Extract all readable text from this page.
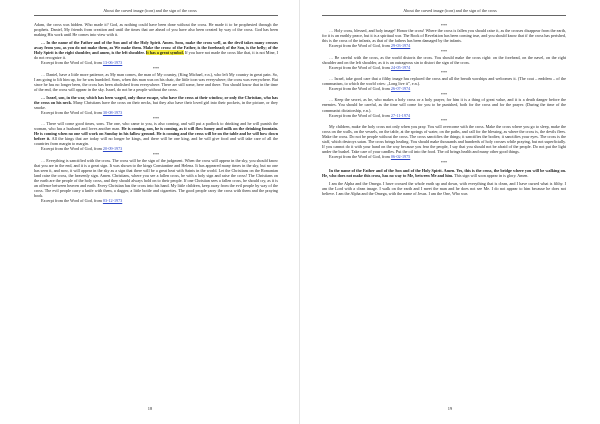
About the carved image (icon) and the sign of the cross

Adam, the cross was hidden. Who made it? God, as nothing could have been done without the cross. He made it to be prophesied through the prophets. Daniel, My friends from creation and until the times that are ahead of you have also been created by way of the cross. God has been making His work until He comes into view with it.

… In the name of the Father and of the Son and of the Holy Spirit. Amen. Sons, make the cross well, as the devil takes many crosses away from you, as you do not make them, as We make them. Make the cross: of the Father, is the forehead; of the Son, is the belly; of the Holy Spirit is the right shoulder, and amen, is the left shoulder. It has a great symbol. If you have not made the cross like that, it is not Mine, I do not recognize it.

Excerpt from the Word of God, from 13-06-1973

***

… Daniel, have a little more patience, as My man comes, the man of My country, (King Michael, e.n.), who left My country in great pain. So, I am going to lift him up, for he was humbled. Sons, when this man was on his chair, the little icon was everywhere; the cross was everywhere. But since he has no longer been, the cross has been abolished from everywhere. There are still some, here and there. You should know that in the time of the end, the cross will appear in the sky. Israel, do not be a people without the cross.

… Israel, son, in the war, which has been waged, only those escape, who have the cross at their window, or only the Christian, who has the cross on his neck. Many Christians have the cross on their necks, but they also have their loved girl into their pockets, in the picture, or they smoke.

Excerpt from the Word of God, from 30-08-1973

***

… There will come good times, sons. The one, who came to you, is also coming, and will put a padlock to drinking and he will punish the woman, who has a husband and loves another man. He is coming, son, he is coming, as it will flow honey and milk on the drinking fountain. He is coming when no one will work on Sunday in his fallow ground. He is coming and the cross will be on the table and he will bow down before it. All the kings that are today will no longer be kings, and there will be one king, and he will give food and will take care of all the countries from margin to margin.

Excerpt from the Word of God, from 20-09-1973

***

… Everything is sanctified with the cross. The cross will be the sign of the judgment. When the cross will appear in the sky, you should know that you are in the end, and it is a great sign. It was shown to the kings Constantine and Helena. It has appeared many times in the sky, but no one has seen it, and now, it will appear in the sky as a sign that there will be a great heat with Saints in the world. Let the Christians on the Romanian land raise the cross, the heavenly sign. Amen. Christians, where you see a fallen cross, be with a holy sign and raise the cross! The Christians on the earth are the people of the holy cross, and they should always hold on to their people. If one Christian sees a fallen cross, he should cry, as it is an offence between heaven and earth. Every Christian has the cross into his hand. My little children, keep away from the evil people by way of the cross. The evil people carry a knife with them, a dagger, a little bottle and cigarettes. The good people carry the cross with them and the praying book.

Excerpt from the Word of God, from 03-12-1973

18
About the carved image (icon) and the sign of the cross

***

… Holy cross, blessed, and holy image! Honor the cross! Where the cross is fallen you should raise it, as the crosses disappear from the earth, for it is an earthly peace, but it is a spiritual war. The Book of Revelation has been coming true, and you should know that if the cross has perished, this is the cross of the infants, as that of the fathers has been damaged by the infants.

Excerpt from the Word of God, from 29-03-1974

***

… Be careful with the cross, as the world distorts the cross. You should make the cross right: on the forehead, on the navel, on the right shoulder and on the left shoulder, as it is an outrageous sin to distort the sign of the cross.

Excerpt from the Word of God, from 24-05-1974

***

… Israel, take good care that a filthy image has replaced the cross and all the breath worships and welcomes it. (The coat – emblem – of the communism, to which the world cries: „Long live it”, e.n.).

Excerpt from the Word of God, from 26-07-1974

***

… Keep the secret, as he, who makes a holy cross or a holy prayer, for him it is a thing of great value, and it is a death danger before the enemies. You should be careful, as the time will come for you to be punished, both for the cross and for the prayer. (During the time of the communist dictatorship, e.n.).

Excerpt from the Word of God, from 27-11-1974

***

My children, make the holy cross not only when you pray. You will overcome with the cross. Make the cross where you go to sleep, make the cross on the walls, on the vessels, on the table, at the springs of water, on the paths, and call for the blessing, as where the cross is, the devils flees. Make the cross. Do not be people without the cross. The cross sanctifies the things; it sanctifies the bodies; it sanctifies your eyes. The cross is the staff, which destroys satan. The cross brings healing. You should make thousands and hundreds of holy crosses while praying, but not superficially. If you cannot do it with your hand on the way because you fear the people, I say that you should not be afraid of the people. Do not put the light under the bushel. Take care of your candles. Put the oil into the food. The oil brings health and many other good things.

Excerpt from the Word of God, from 06-02-1975

***

In the name of the Father and of the Son and of the Holy Spirit. Amen. Yes, this is the cross, the bridge where you will be walking on. He, who does not make this cross, has no way to Me, between Me and him. This sign will soon appear in is glory. Amen.

I am the Alpha and the Omega. I have crossed the whole earth up and down, with everything that is clean, and I have cursed what is filthy. I am the Lord with a clean image. I walk on the earth and I meet the man and he does not see Me. I do not appear to him because he does not believe. I am the Alpha and the Omega, with the name of Jesus. I am the One, Who was

19
